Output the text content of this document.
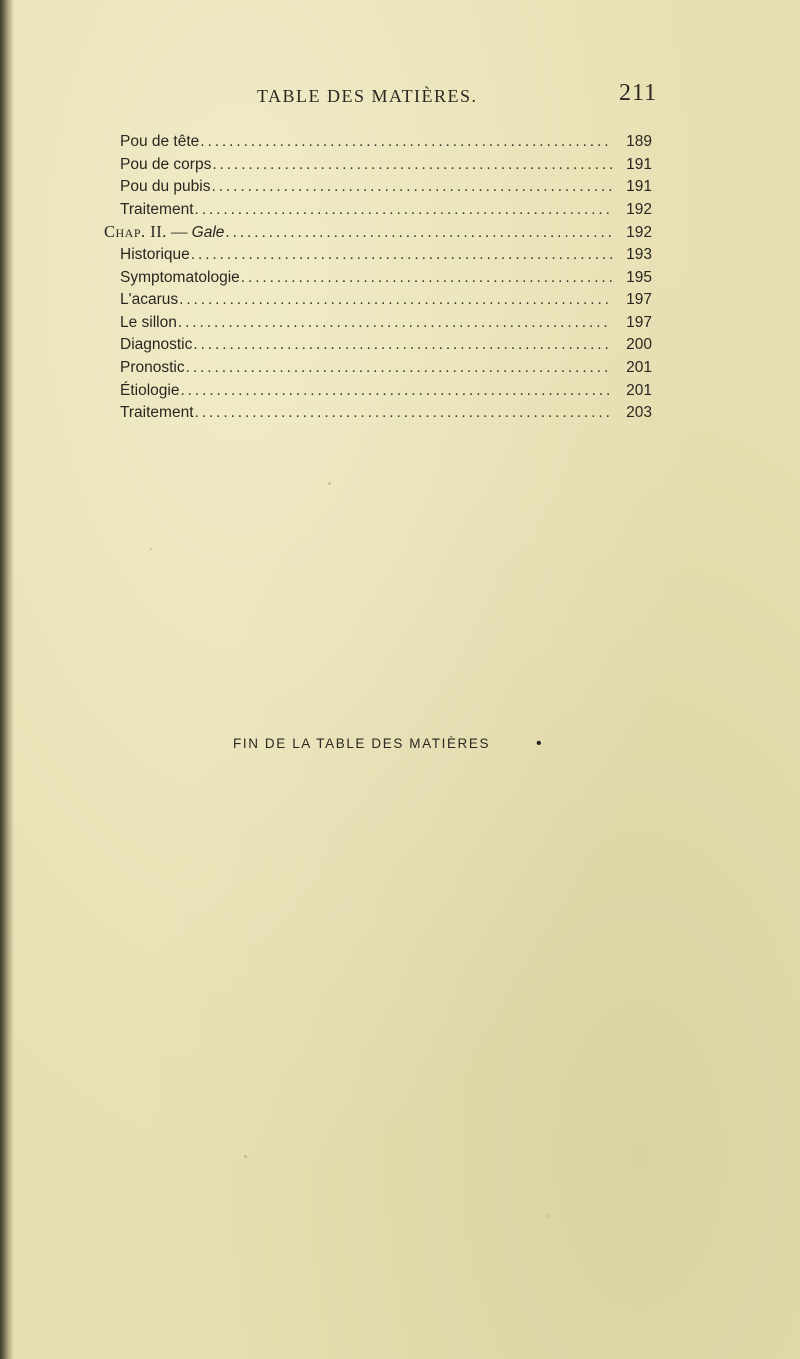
TABLE DES MATIÈRES.	211
Pou de tête . . .	189
Pou de corps . . .	191
Pou du pubis . . .	191
Traitement . . .	192
Chap. II. — Gale . . .	192
Historique . . .	193
Symptomatologie . . .	195
L'acarus . . .	197
Le sillon . . .	197
Diagnostic . . .	200
Pronostic . . .	201
Étiologie . . .	201
Traitement . . .	203
FIN DE LA TABLE DES MATIÈRES	•
